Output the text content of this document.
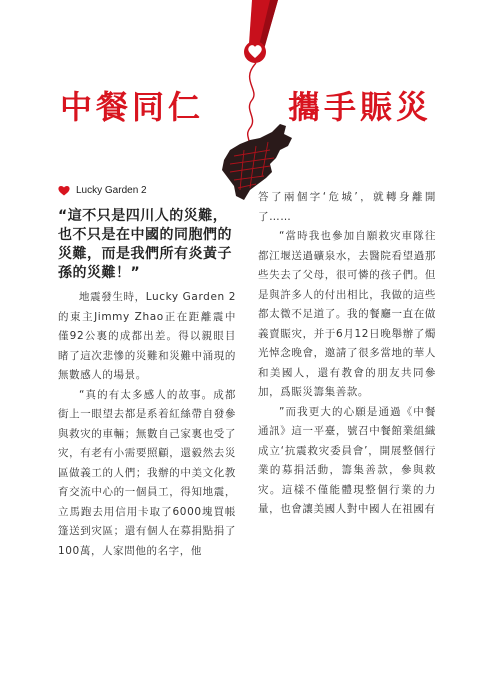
中餐同仁	攜手賑災
Lucky Garden 2
“這不只是四川人的災難，也不只是在中國的同胞們的災難，而是我們所有炎黃子孫的災難！”

地震發生時，Lucky Garden 2的東主Jimmy Zhao正在距離震中僅92公裏的成都出差。得以親眼目睹了這次悲慘的災難和災難中涌現的無數感人的場景。

“真的有太多感人的故事。成都街上一眼望去都是系着紅絲帶自發參與救灾的車輛；無數自己家裏也受了灾，有老有小需要照顧，還毅然去災區做義工的人們；我辦的中美文化教育交流中心的一個員工，得知地震，立馬跑去用信用卡取了6000塊買帳篷送到灾區；還有個人在募捐點捐了100萬，人家問他的名字，他

答了兩個字‘危城’，就轉身離開了……

“當時我也參加自願救灾車隊往都江堰送過礦泉水，去醫院看望過那些失去了父母，很可憐的孩子們。但是與許多人的付出相比，我做的這些都太微不足道了。我的餐廳一直在做義賣賑灾，并于6月12日晚舉辦了燭光悼念晚會，邀請了很多當地的華人和美國人，還有教會的朋友共同參加，爲賑災籌集善款。

”而我更大的心願是通過《中餐通訊》這一平臺，號召中餐館業組織成立‘抗震救灾委員會’，開展整個行業的募捐活動，籌集善款，參與救灾。這樣不僅能體現整個行業的力量，也會讓美國人對中國人在祖國有
